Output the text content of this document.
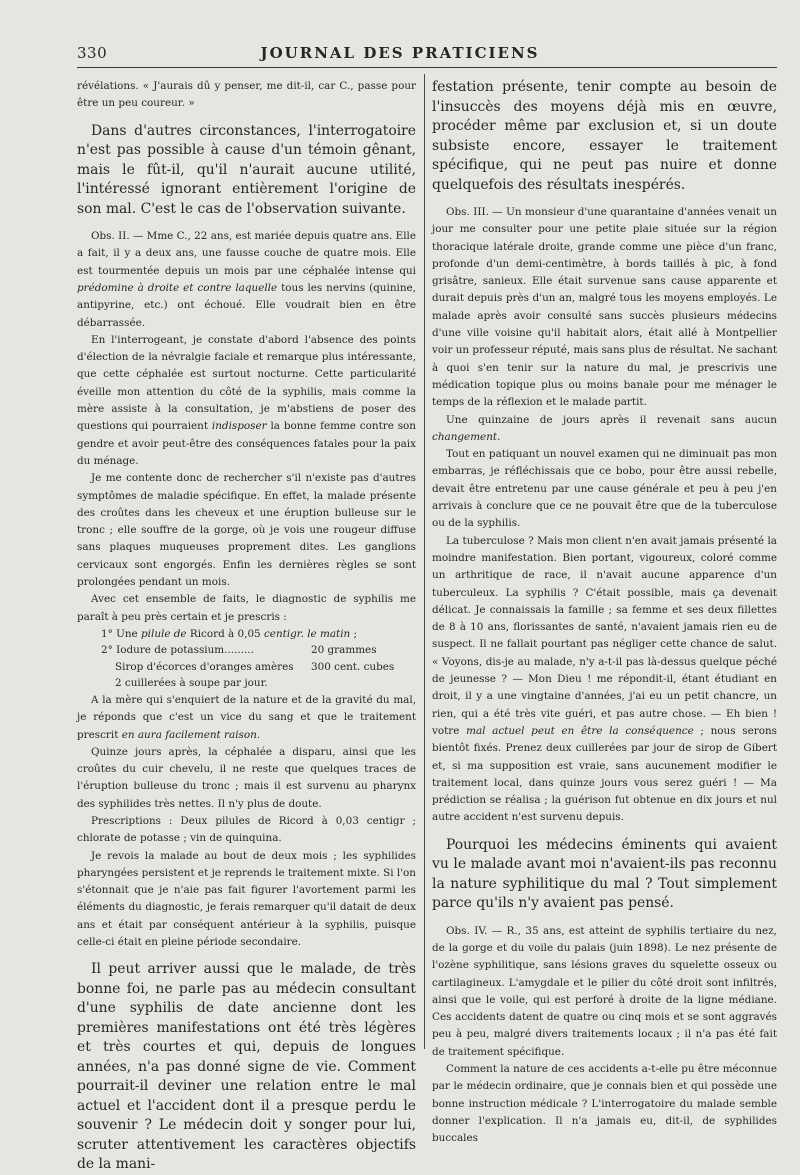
330	JOURNAL DES PRATICIENS

révélations. « J'aurais dû y penser, me dit-il, car C., passe pour être un peu coureur. »

Dans d'autres circonstances, l'interrogatoire n'est pas possible à cause d'un témoin gênant, mais le fût-il, qu'il n'aurait aucune utilité, l'intéressé ignorant entièrement l'origine de son mal. C'est le cas de l'observation suivante.

Obs. II. — Mme C., 22 ans, est mariée depuis quatre ans. Elle a fait, il y a deux ans, une fausse couche de quatre mois. Elle est tourmentée depuis un mois par une céphalée intense qui prédomine à droite et contre laquelle tous les nervins (quinine, antipyrine, etc.) ont échoué. Elle voudrait bien en être débarrassée.

En l'interrogeant, je constate d'abord l'absence des points d'élection de la névralgie faciale et remarque plus intéressante, que cette céphalée est surtout nocturne. Cette particularité éveille mon attention du côté de la syphilis, mais comme la mère assiste à la consultation, je m'abstiens de poser des questions qui pourraient indisposer la bonne femme contre son gendre et avoir peut-être des conséquences fatales pour la paix du ménage.

Je me contente donc de rechercher s'il n'existe pas d'autres symptômes de maladie spécifique. En effet, la malade présente des croûtes dans les cheveux et une éruption bulleuse sur le tronc ; elle souffre de la gorge, où je vois une rougeur diffuse sans plaques muqueuses proprement dites. Les ganglions cervicaux sont engorgés. Enfin les dernières règles se sont prolongées pendant un mois.

Avec cet ensemble de faits, le diagnostic de syphilis me paraît à peu près certain et je prescris :

1° Une pilule de Ricord à 0,05 centigr. le matin ;
2° Iodure de potassium.........	20 grammes
Sirop d'écorces d'oranges amères	300 cent. cubes
2 cuillerées à soupe par jour.

A la mère qui s'enquiert de la nature et de la gravité du mal, je réponds que c'est un vice du sang et que le traitement prescrit en aura facilement raison.

Quinze jours après, la céphalée a disparu, ainsi que les croûtes du cuir chevelu, il ne reste que quelques traces de l'éruption bulleuse du tronc ; mais il est survenu au pharynx des syphilides très nettes. Il n'y plus de doute.

Prescriptions : Deux pilules de Ricord à 0,03 centigr ; chlorate de potasse ; vin de quinquina.

Je revois la malade au bout de deux mois ; les syphilides pharyngées persistent et je reprends le traitement mixte. Si l'on s'étonnait que je n'aie pas fait figurer l'avortement parmi les éléments du diagnostic, je ferais remarquer qu'il datait de deux ans et était par conséquent antérieur à la syphilis, puisque celle-ci était en pleine période secondaire.

Il peut arriver aussi que le malade, de très bonne foi, ne parle pas au médecin consultant d'une syphilis de date ancienne dont les premières manifestations ont été très légères et très courtes et qui, depuis de longues années, n'a pas donné signe de vie. Comment pourrait-il deviner une relation entre le mal actuel et l'accident dont il a presque perdu le souvenir ? Le médecin doit y songer pour lui, scruter attentivement les caractères objectifs de la mani-

festation présente, tenir compte au besoin de l'insuccès des moyens déjà mis en œuvre, procéder même par exclusion et, si un doute subsiste encore, essayer le traitement spécifique, qui ne peut pas nuire et donne quelquefois des résultats inespérés.

Obs. III. — Un monsieur d'une quarantaine d'années venait un jour me consulter pour une petite plaie située sur la région thoracique latérale droite, grande comme une pièce d'un franc, profonde d'un demi-centimètre, à bords taillés à pic, à fond grisâtre, sanieux. Elle était survenue sans cause apparente et durait depuis près d'un an, malgré tous les moyens employés. Le malade après avoir consulté sans succès plusieurs médecins d'une ville voisine qu'il habitait alors, était allé à Montpellier voir un professeur réputé, mais sans plus de résultat. Ne sachant à quoi s'en tenir sur la nature du mal, je prescrivis une médication topique plus ou moins banale pour me ménager le temps de la réflexion et le malade partit.

Une quinzaine de jours après il revenait sans aucun changement.

Tout en patiquant un nouvel examen qui ne diminuait pas mon embarras, je réfléchissais que ce bobo, pour être aussi rebelle, devait être entretenu par une cause générale et peu à peu j'en arrivais à conclure que ce ne pouvait être que de la tuberculose ou de la syphilis.

La tuberculose ? Mais mon client n'en avait jamais présenté la moindre manifestation. Bien portant, vigoureux, coloré comme un arthritique de race, il n'avait aucune apparence d'un tuberculeux. La syphilis ? C'était possible, mais ça devenait délicat. Je connaissais la famille ; sa femme et ses deux fillettes de 8 à 10 ans, florissantes de santé, n'avaient jamais rien eu de suspect. Il ne fallait pourtant pas négliger cette chance de salut. « Voyons, dis-je au malade, n'y a-t-il pas là-dessus quelque péché de jeunesse ? — Mon Dieu ! me répondit-il, étant étudiant en droit, il y a une vingtaine d'années, j'ai eu un petit chancre, un rien, qui a été très vite guéri, et pas autre chose. — Eh bien ! votre mal actuel peut en être la conséquence ; nous serons bientôt fixés. Prenez deux cuillerées par jour de sirop de Gibert et, si ma supposition est vraie, sans aucunement modifier le traitement local, dans quinze jours vous serez guéri ! — Ma prédiction se réalisa ; la guérison fut obtenue en dix jours et nul autre accident n'est survenu depuis.

Pourquoi les médecins éminents qui avaient vu le malade avant moi n'avaient-ils pas reconnu la nature syphilitique du mal ? Tout simplement parce qu'ils n'y avaient pas pensé.

Obs. IV. — R., 35 ans, est atteint de syphilis tertiaire du nez, de la gorge et du voile du palais (juin 1898). Le nez présente de l'ozène syphilitique, sans lésions graves du squelette osseux ou cartilagineux. L'amygdale et le pilier du côté droit sont infiltrés, ainsi que le voile, qui est perforé à droite de la ligne médiane. Ces accidents datent de quatre ou cinq mois et se sont aggravés peu à peu, malgré divers traitements locaux ; il n'a pas été fait de traitement spécifique.

Comment la nature de ces accidents a-t-elle pu être méconnue par le médecin ordinaire, que je connais bien et qui possède une bonne instruction médicale ? L'interrogatoire du malade semble donner l'explication. Il n'a jamais eu, dit-il, de syphilides buccales
